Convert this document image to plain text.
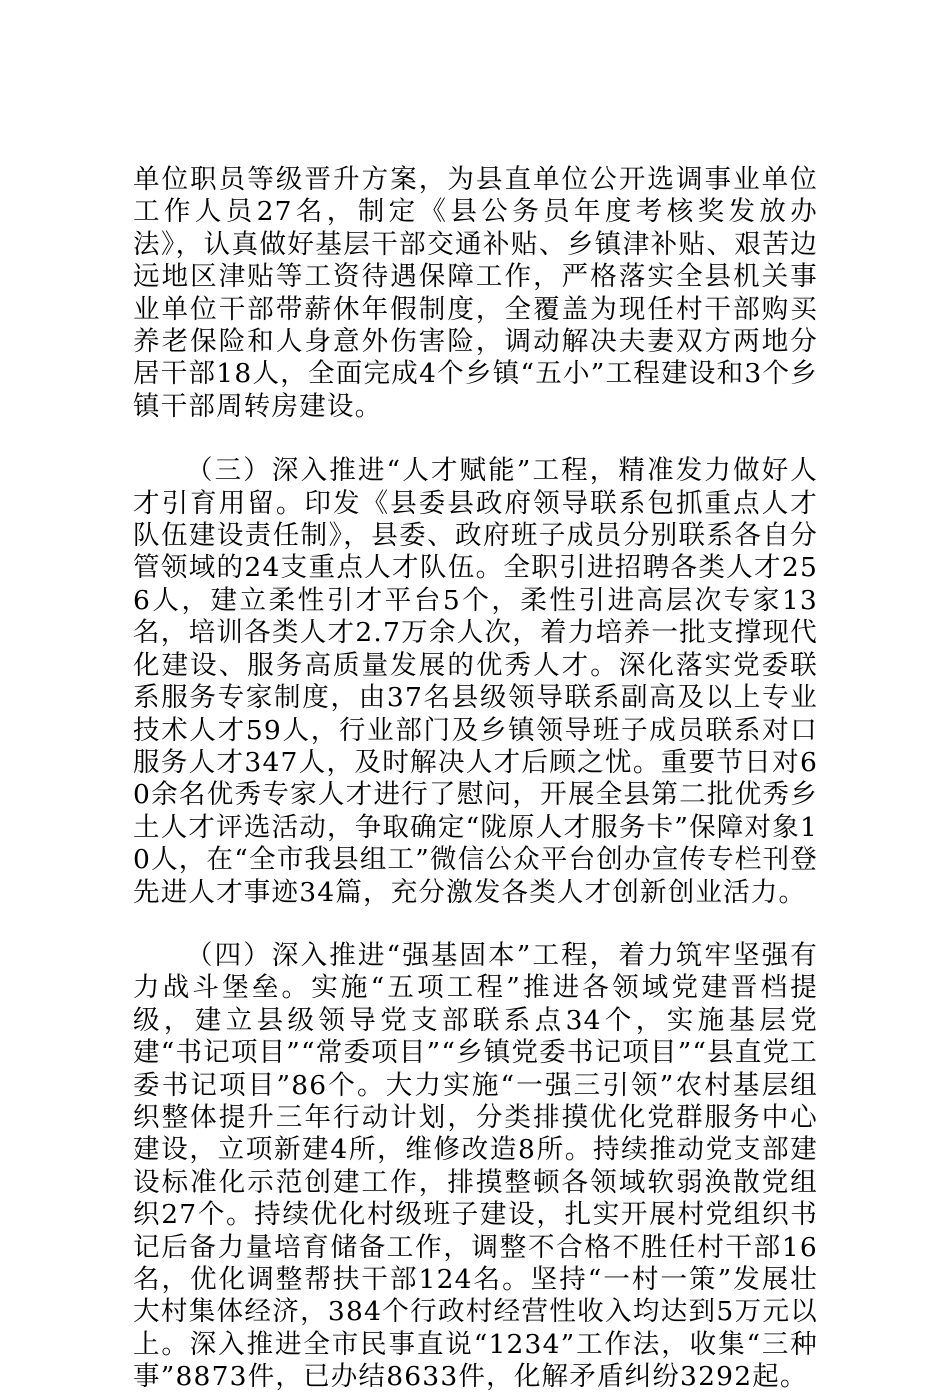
单位职员等级晋升方案，为县直单位公开选调事业单位工作人员27名，制定《县公务员年度考核奖发放办法》，认真做好基层干部交通补贴、乡镇津补贴、艰苦边远地区津贴等工资待遇保障工作，严格落实全县机关事业单位干部带薪休年假制度，全覆盖为现任村干部购买养老保险和人身意外伤害险，调动解决夫妻双方两地分居干部18人，全面完成4个乡镇“五小”工程建设和3个乡镇干部周转房建设。

（三）深入推进“人才赋能”工程，精准发力做好人才引育用留。印发《县委县政府领导联系包抓重点人才队伍建设责任制》，县委、政府班子成员分别联系各自分管领域的24支重点人才队伍。全职引进招聘各类人才256人，建立柔性引才平台5个，柔性引进高层次专家13名，培训各类人才2.7万余人次，着力培养一批支撑现代化建设、服务高质量发展的优秀人才。深化落实党委联系服务专家制度，由37名县级领导联系副高及以上专业技术人才59人，行业部门及乡镇领导班子成员联系对口服务人才347人，及时解决人才后顾之忧。重要节日对60余名优秀专家人才进行了慰问，开展全县第二批优秀乡土人才评选活动，争取确定“陇原人才服务卡”保障对象10人，在“全市我县组工”微信公众平台创办宣传专栏刊登先进人才事迹34篇，充分激发各类人才创新创业活力。

（四）深入推进“强基固本”工程，着力筑牢坚强有力战斗堡垒。实施“五项工程”推进各领域党建晋档提级，建立县级领导党支部联系点34个，实施基层党建“书记项目”“常委项目”“乡镇党委书记项目”“县直党工委书记项目”86个。大力实施“一强三引领”农村基层组织整体提升三年行动计划，分类排摸优化党群服务中心建设，立项新建4所，维修改造8所。持续推动党支部建设标准化示范创建工作，排摸整顿各领域软弱涣散党组织27个。持续优化村级班子建设，扎实开展村党组织书记后备力量培育储备工作，调整不合格不胜任村干部16名，优化调整帮扶干部124名。坚持“一村一策”发展壮大村集体经济，384个行政村经营性收入均达到5万元以上。深入推进全市民事直说“1234”工作法，收集“三种事”8873件，已办结8633件，化解矛盾纠纷3292起。
